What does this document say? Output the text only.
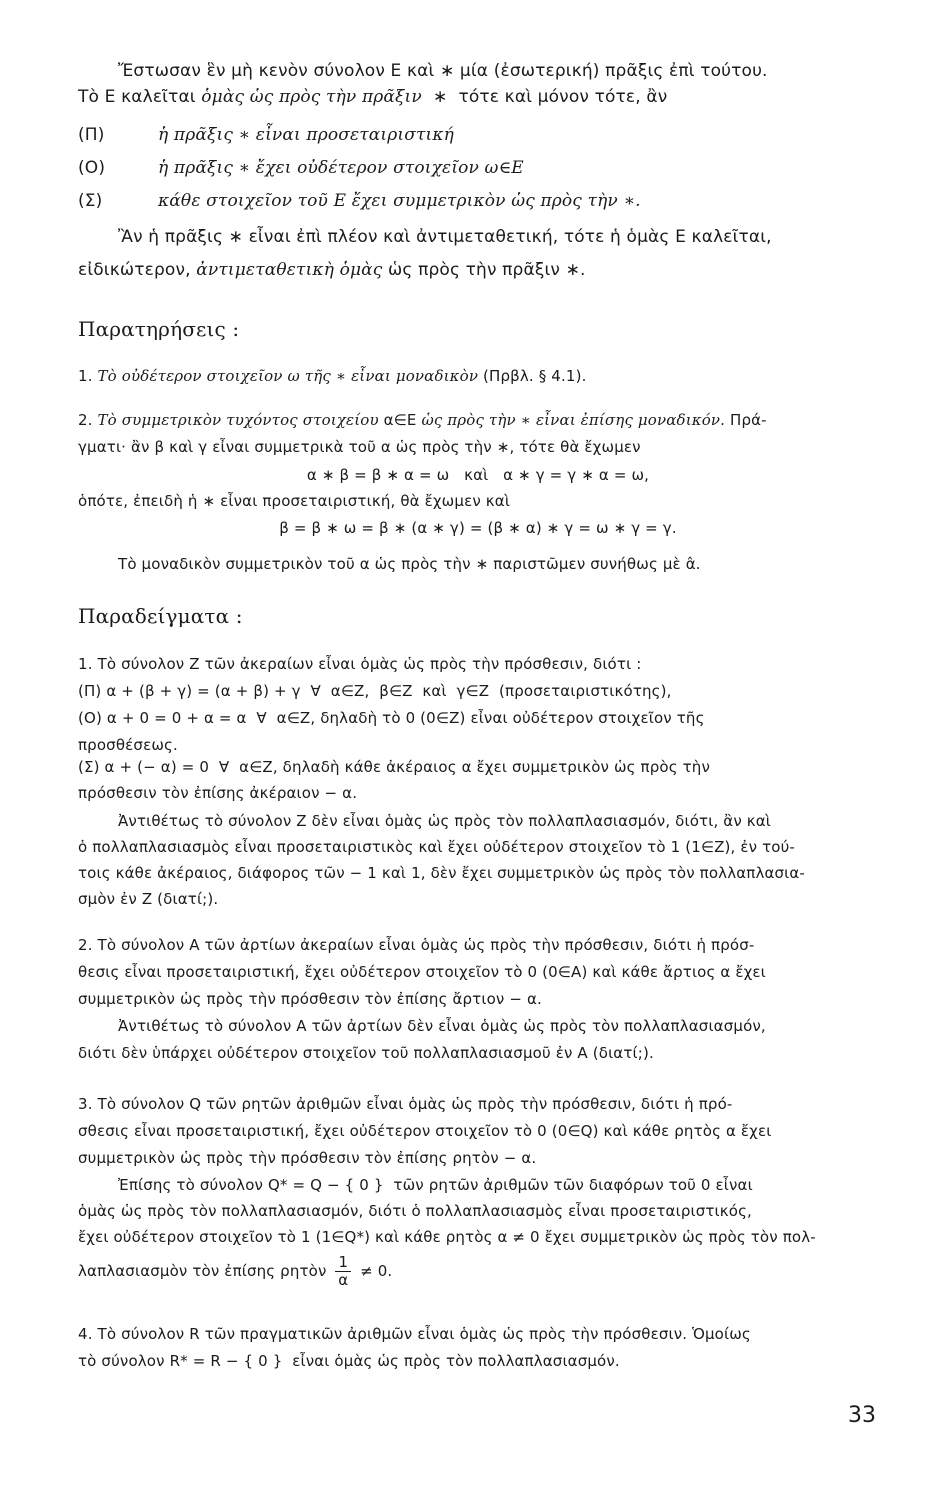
Ἔστωσαν ἓν μὴ κενὸν σύνολον Ε καὶ ∗ μία (ἐσωτερική) πρᾶξις ἐπὶ τούτου.
Τὸ Ε καλεῖται ὁμὰς ὡς πρὸς τὴν πρᾶξιν  ∗  τότε καὶ μόνον τότε, ἂν
(Π)	ἡ πρᾶξις ∗ εἶναι προσεταιριστική
(Ο)	ἡ πρᾶξις ∗ ἔχει οὐδέτερον στοιχεῖον ω∈Ε
(Σ)	κάθε στοιχεῖον τοῦ Ε ἔχει συμμετρικὸν ὡς πρὸς τὴν ∗.
Ἂν ἡ πρᾶξις ∗ εἶναι ἐπὶ πλέον καὶ ἀντιμεταθετική, τότε ἡ ὁμὰς Ε καλεῖται,
εἰδικώτερον, ἀντιμεταθετικὴ ὁμὰς ὡς πρὸς τὴν πρᾶξιν ∗.
Παρατηρήσεις :
1. Τὸ οὐδέτερον στοιχεῖον ω τῆς ∗ εἶναι μοναδικὸν (Πρβλ. § 4.1).
2. Τὸ συμμετρικὸν τυχόντος στοιχείου α∈Ε ὡς πρὸς τὴν ∗ εἶναι ἐπίσης μοναδικόν. Πρά-
γματι· ἂν β καὶ γ εἶναι συμμετρικὰ τοῦ α ὡς πρὸς τὴν ∗, τότε θὰ ἔχωμεν
α ∗ β = β ∗ α = ω   καὶ   α ∗ γ = γ ∗ α = ω,
ὁπότε, ἐπειδὴ ἡ ∗ εἶναι προσεταιριστική, θὰ ἔχωμεν καὶ
β = β ∗ ω = β ∗ (α ∗ γ) = (β ∗ α) ∗ γ = ω ∗ γ = γ.
Τὸ μοναδικὸν συμμετρικὸν τοῦ α ὡς πρὸς τὴν ∗ παριστῶμεν συνήθως μὲ α̂.
Παραδείγματα :
1. Τὸ σύνολον Ζ τῶν ἀκεραίων εἶναι ὁμὰς ὡς πρὸς τὴν πρόσθεσιν, διότι :
(Π) α + (β + γ) = (α + β) + γ  ∀  α∈Ζ,  β∈Ζ  καὶ  γ∈Ζ  (προσεταιριστικότης),
(Ο) α + 0 = 0 + α = α  ∀  α∈Ζ, δηλαδὴ τὸ 0 (0∈Ζ) εἶναι οὐδέτερον στοιχεῖον τῆς
προσθέσεως.
(Σ) α + (− α) = 0  ∀  α∈Ζ, δηλαδὴ κάθε ἀκέραιος α ἔχει συμμετρικὸν ὡς πρὸς τὴν
πρόσθεσιν τὸν ἐπίσης ἀκέραιον − α.
Ἀντιθέτως τὸ σύνολον Ζ δὲν εἶναι ὁμὰς ὡς πρὸς τὸν πολλαπλασιασμόν, διότι, ἂν καὶ
ὁ πολλαπλασιασμὸς εἶναι προσεταιριστικὸς καὶ ἔχει οὐδέτερον στοιχεῖον τὸ 1 (1∈Ζ), ἐν τού-
τοις κάθε ἀκέραιος, διάφορος τῶν − 1 καὶ 1, δὲν ἔχει συμμετρικὸν ὡς πρὸς τὸν πολλαπλασια-
σμὸν ἐν Ζ (διατί;).
2. Τὸ σύνολον Α τῶν ἀρτίων ἀκεραίων εἶναι ὁμὰς ὡς πρὸς τὴν πρόσθεσιν, διότι ἡ πρόσ-
θεσις εἶναι προσεταιριστική, ἔχει οὐδέτερον στοιχεῖον τὸ 0 (0∈Α) καὶ κάθε ἄρτιος α ἔχει
συμμετρικὸν ὡς πρὸς τὴν πρόσθεσιν τὸν ἐπίσης ἄρτιον − α.
Ἀντιθέτως τὸ σύνολον Α τῶν ἀρτίων δὲν εἶναι ὁμὰς ὡς πρὸς τὸν πολλαπλασιασμόν,
διότι δὲν ὑπάρχει οὐδέτερον στοιχεῖον τοῦ πολλαπλασιασμοῦ ἐν Α (διατί;).
3. Τὸ σύνολον Q τῶν ρητῶν ἀριθμῶν εἶναι ὁμὰς ὡς πρὸς τὴν πρόσθεσιν, διότι ἡ πρό-
σθεσις εἶναι προσεταιριστική, ἔχει οὐδέτερον στοιχεῖον τὸ 0 (0∈Q) καὶ κάθε ρητὸς α ἔχει
συμμετρικὸν ὡς πρὸς τὴν πρόσθεσιν τὸν ἐπίσης ρητὸν − α.
Ἐπίσης τὸ σύνολον Q* = Q − { 0 }  τῶν ρητῶν ἀριθμῶν τῶν διαφόρων τοῦ 0 εἶναι
ὁμὰς ὡς πρὸς τὸν πολλαπλασιασμόν, διότι ὁ πολλαπλασιασμὸς εἶναι προσεταιριστικός,
ἔχει οὐδέτερον στοιχεῖον τὸ 1 (1∈Q*) καὶ κάθε ρητὸς α ≠ 0 ἔχει συμμετρικὸν ὡς πρὸς τὸν πολ-
λαπλασιασμὸν τὸν ἐπίσης ρητὸν $\frac{1}{\alpha} \ne 0$.
4. Τὸ σύνολον R τῶν πραγματικῶν ἀριθμῶν εἶναι ὁμὰς ὡς πρὸς τὴν πρόσθεσιν. Ὁμοίως
τὸ σύνολον R* = R − { 0 }  εἶναι ὁμὰς ὡς πρὸς τὸν πολλαπλασιασμόν.
33
